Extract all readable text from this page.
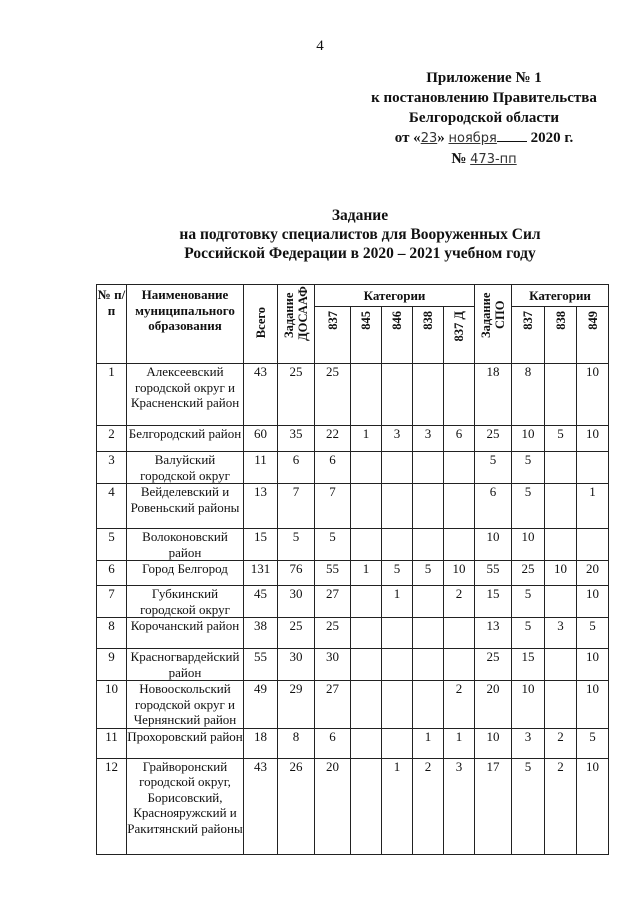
4
Приложение № 1
к постановлению Правительства
Белгородской области
от «23» ноября 2020 г.
№ 473-пп
Задание
на подготовку специалистов для Вооруженных Сил
Российской Федерации в 2020 – 2021 учебном году
№ п/п	Наименование муниципального образования	Всего	Задание ДОСААФ	Категории					Задание СПО	Категории		
				837	845	846	838	837 Д		837	838	849
1	Алексеевский городской округ и Красненский район	43	25	25					18	8		10
2	Белгородский район	60	35	22	1	3	3	6	25	10	5	10
3	Валуйский городской округ	11	6	6					5	5		
4	Вейделевский и Ровеньский районы	13	7	7					6	5		1
5	Волоконовский район	15	5	5					10	10		
6	Город Белгород	131	76	55	1	5	5	10	55	25	10	20
7	Губкинский городской округ	45	30	27		1		2	15	5		10
8	Корочанский район	38	25	25					13	5	3	5
9	Красногвардейский район	55	30	30					25	15		10
10	Новооскольский городской округ и Чернянский район	49	29	27				2	20	10		10
11	Прохоровский район	18	8	6			1	1	10	3	2	5
12	Грайворонский городской округ, Борисовский, Краснояружский и Ракитянский районы	43	26	20		1	2	3	17	5	2	10
